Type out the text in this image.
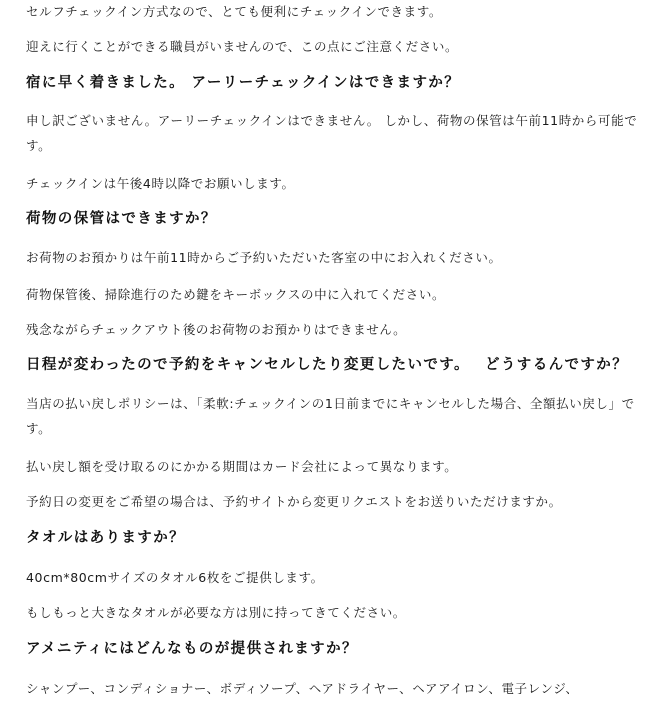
セルフチェックイン方式なので、とても便利にチェックインできます。
迎えに行くことができる職員がいませんので、この点にご注意ください。
宿に早く着きました。 アーリーチェックインはできますか？
申し訳ございません。アーリーチェックインはできません。 しかし、荷物の保管は午前11時から可能です。
チェックインは午後4時以降でお願いします。
荷物の保管はできますか？
お荷物のお預かりは午前11時からご予約いただいた客室の中にお入れください。
荷物保管後、掃除進行のため鍵をキーボックスの中に入れてください。
残念ながらチェックアウト後のお荷物のお預かりはできません。
日程が変わったので予約をキャンセルしたり変更したいです。　 どうするんですか？
当店の払い戻しポリシーは、「柔軟:チェックインの1日前までにキャンセルした場合、全額払い戻し」です。
払い戻し額を受け取るのにかかる期間はカード会社によって異なります。
予約日の変更をご希望の場合は、予約サイトから変更リクエストをお送りいただけますか。
タオルはありますか？
40cm*80cmサイズのタオル6枚をご提供します。
もしもっと大きなタオルが必要な方は別に持ってきてください。
アメニティにはどんなものが提供されますか？
シャンプー、コンディショナー、ボディソープ、ヘアドライヤー、ヘアアイロン、電子レンジ、
